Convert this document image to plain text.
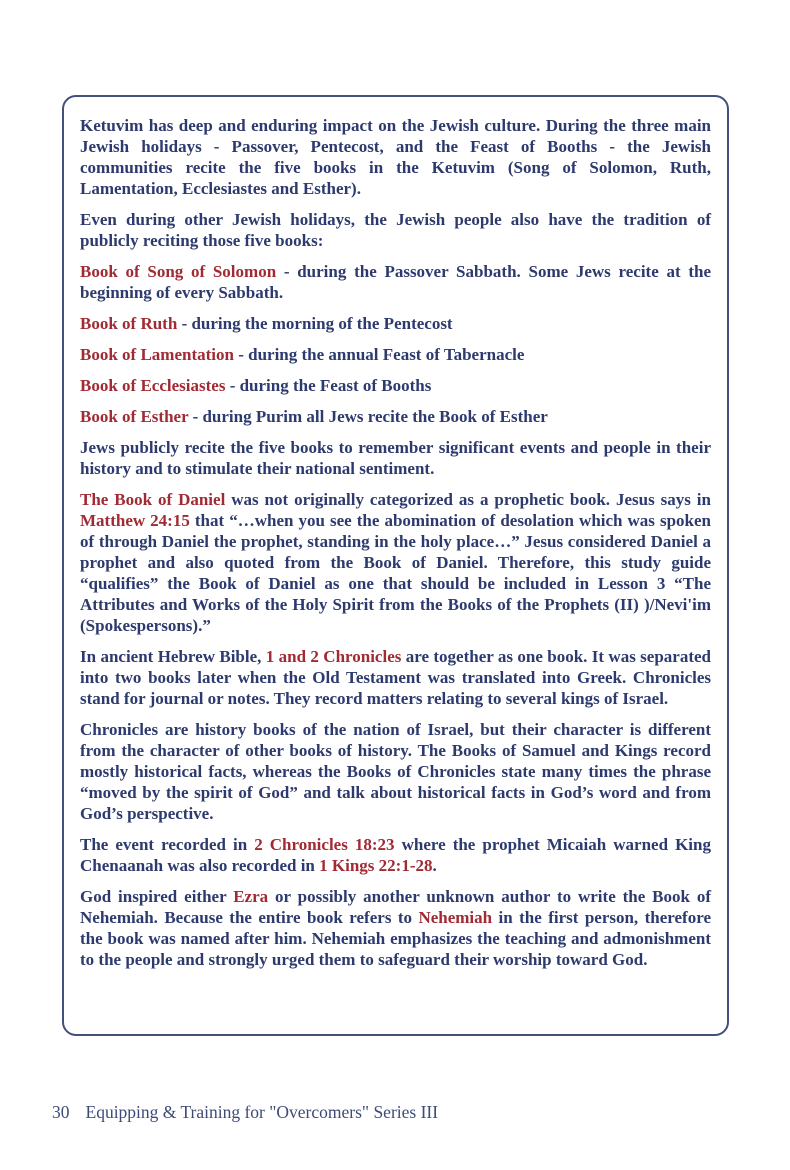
Ketuvim has deep and enduring impact on the Jewish culture. During the three main Jewish holidays - Passover, Pentecost, and the Feast of Booths - the Jewish communities recite the five books in the Ketuvim (Song of Solomon, Ruth, Lamentation, Ecclesiastes and Esther).

Even during other Jewish holidays, the Jewish people also have the tradition of publicly reciting those five books:

Book of Song of Solomon - during the Passover Sabbath. Some Jews recite at the beginning of every Sabbath.

Book of Ruth - during the morning of the Pentecost

Book of Lamentation - during the annual Feast of Tabernacle

Book of Ecclesiastes - during the Feast of Booths

Book of Esther - during Purim all Jews recite the Book of Esther

Jews publicly recite the five books to remember significant events and people in their history and to stimulate their national sentiment.

The Book of Daniel was not originally categorized as a prophetic book. Jesus says in Matthew 24:15 that “…when you see the abomination of desolation which was spoken of through Daniel the prophet, standing in the holy place…” Jesus considered Daniel a prophet and also quoted from the Book of Daniel. Therefore, this study guide “qualifies” the Book of Daniel as one that should be included in Lesson 3 “The Attributes and Works of the Holy Spirit from the Books of the Prophets (II) )/Nevi'im (Spokespersons).”

In ancient Hebrew Bible, 1 and 2 Chronicles are together as one book. It was separated into two books later when the Old Testament was translated into Greek. Chronicles stand for journal or notes. They record matters relating to several kings of Israel.

Chronicles are history books of the nation of Israel, but their character is different from the character of other books of history. The Books of Samuel and Kings record mostly historical facts, whereas the Books of Chronicles state many times the phrase “moved by the spirit of God” and talk about historical facts in God’s word and from God’s perspective.

The event recorded in 2 Chronicles 18:23 where the prophet Micaiah warned King Chenaanah was also recorded in 1 Kings 22:1-28.

God inspired either Ezra or possibly another unknown author to write the Book of Nehemiah. Because the entire book refers to Nehemiah in the first person, therefore the book was named after him. Nehemiah emphasizes the teaching and admonishment to the people and strongly urged them to safeguard their worship toward God.

30 Equipping & Training for "Overcomers" Series III
